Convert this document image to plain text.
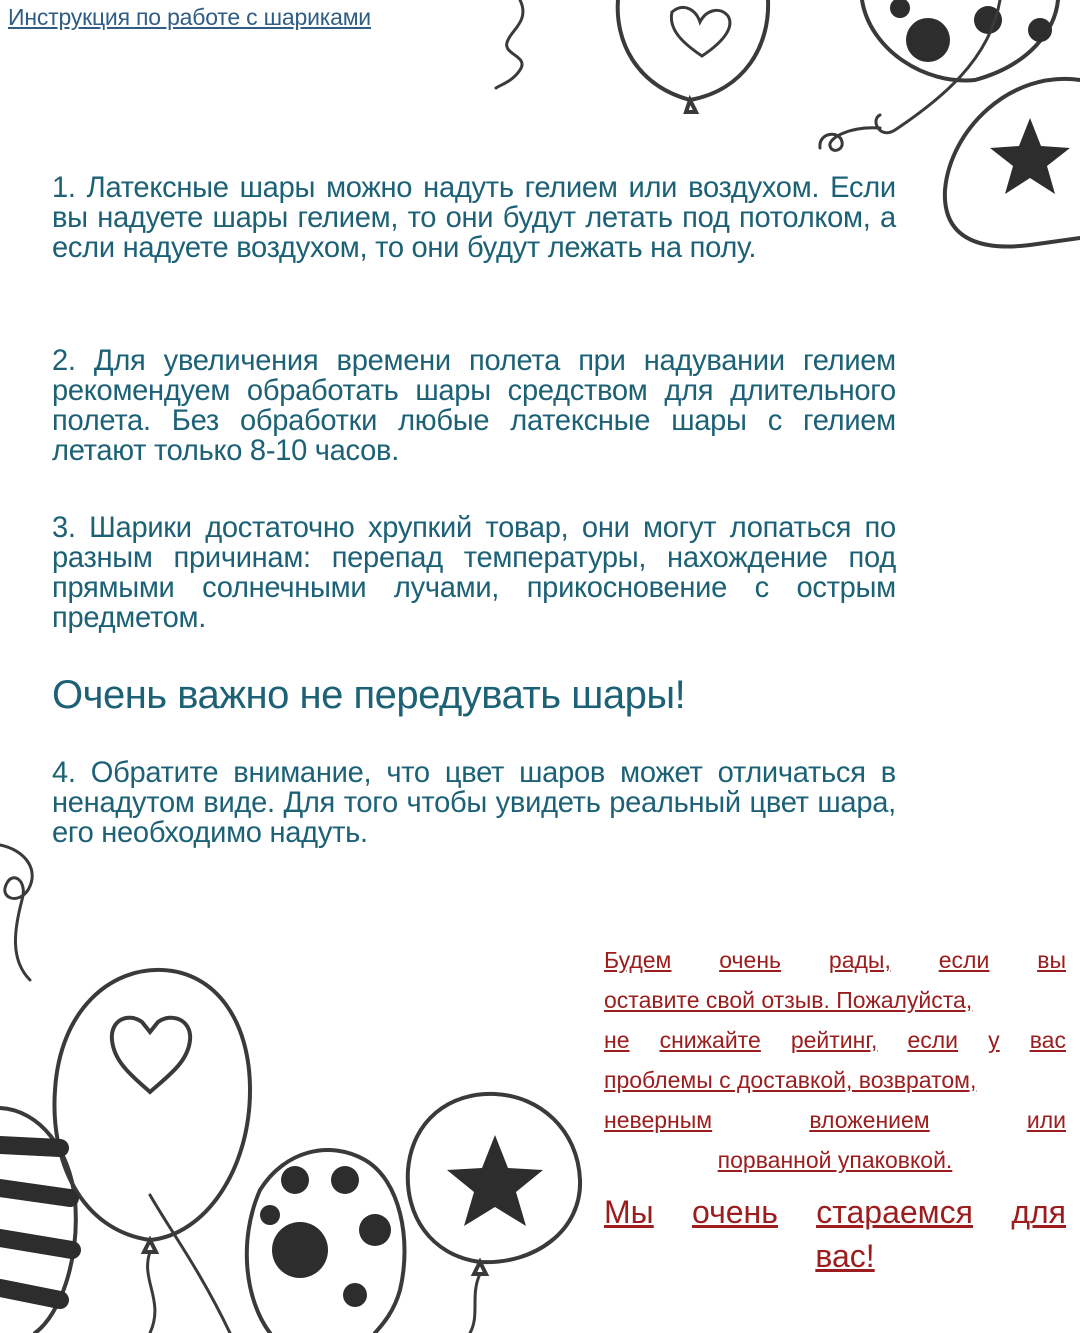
Инструкция по работе с шариками
1. Латексные шары можно надуть гелием или воздухом. Если вы надуете шары гелием, то они будут летать под потолком, а если надуете воздухом, то они будут лежать на полу.
2. Для увеличения времени полета при надувании гелием рекомендуем обработать шары средством для длительного полета. Без обработки любые латексные шары с гелием летают только 8-10 часов.
3. Шарики достаточно хрупкий товар, они могут лопаться по разным причинам: перепад температуры, нахождение под прямыми солнечными лучами, прикосновение с острым предметом.
Очень важно не передувать шары!
4. Обратите внимание, что цвет шаров может отличаться в ненадутом виде. Для того чтобы увидеть реальный цвет шара, его необходимо надуть.
Будем очень рады, если вы
оставите свой отзыв. Пожалуйста,
не снижайте рейтинг, если у вас
проблемы с доставкой, возвратом,
неверным	вложением	или
порванной упаковкой.
Мы очень стараемся для
вас!
